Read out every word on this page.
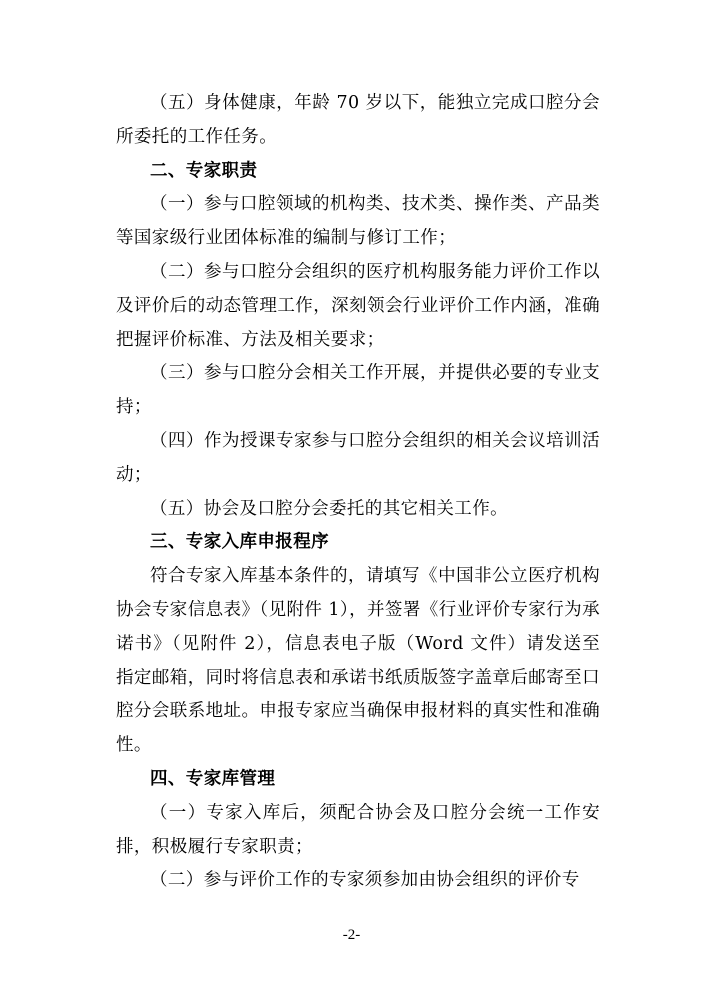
（五）身体健康，年龄 70 岁以下，能独立完成口腔分会所委托的工作任务。

二、专家职责

（一）参与口腔领域的机构类、技术类、操作类、产品类等国家级行业团体标准的编制与修订工作；

（二）参与口腔分会组织的医疗机构服务能力评价工作以及评价后的动态管理工作，深刻领会行业评价工作内涵，准确把握评价标准、方法及相关要求；

（三）参与口腔分会相关工作开展，并提供必要的专业支持；

（四）作为授课专家参与口腔分会组织的相关会议培训活动；

（五）协会及口腔分会委托的其它相关工作。

三、专家入库申报程序

符合专家入库基本条件的，请填写《中国非公立医疗机构协会专家信息表》（见附件 1），并签署《行业评价专家行为承诺书》（见附件 2），信息表电子版（Word 文件）请发送至指定邮箱，同时将信息表和承诺书纸质版签字盖章后邮寄至口腔分会联系地址。申报专家应当确保申报材料的真实性和准确性。

四、专家库管理

（一）专家入库后，须配合协会及口腔分会统一工作安排，积极履行专家职责；

（二）参与评价工作的专家须参加由协会组织的评价专

-2-
